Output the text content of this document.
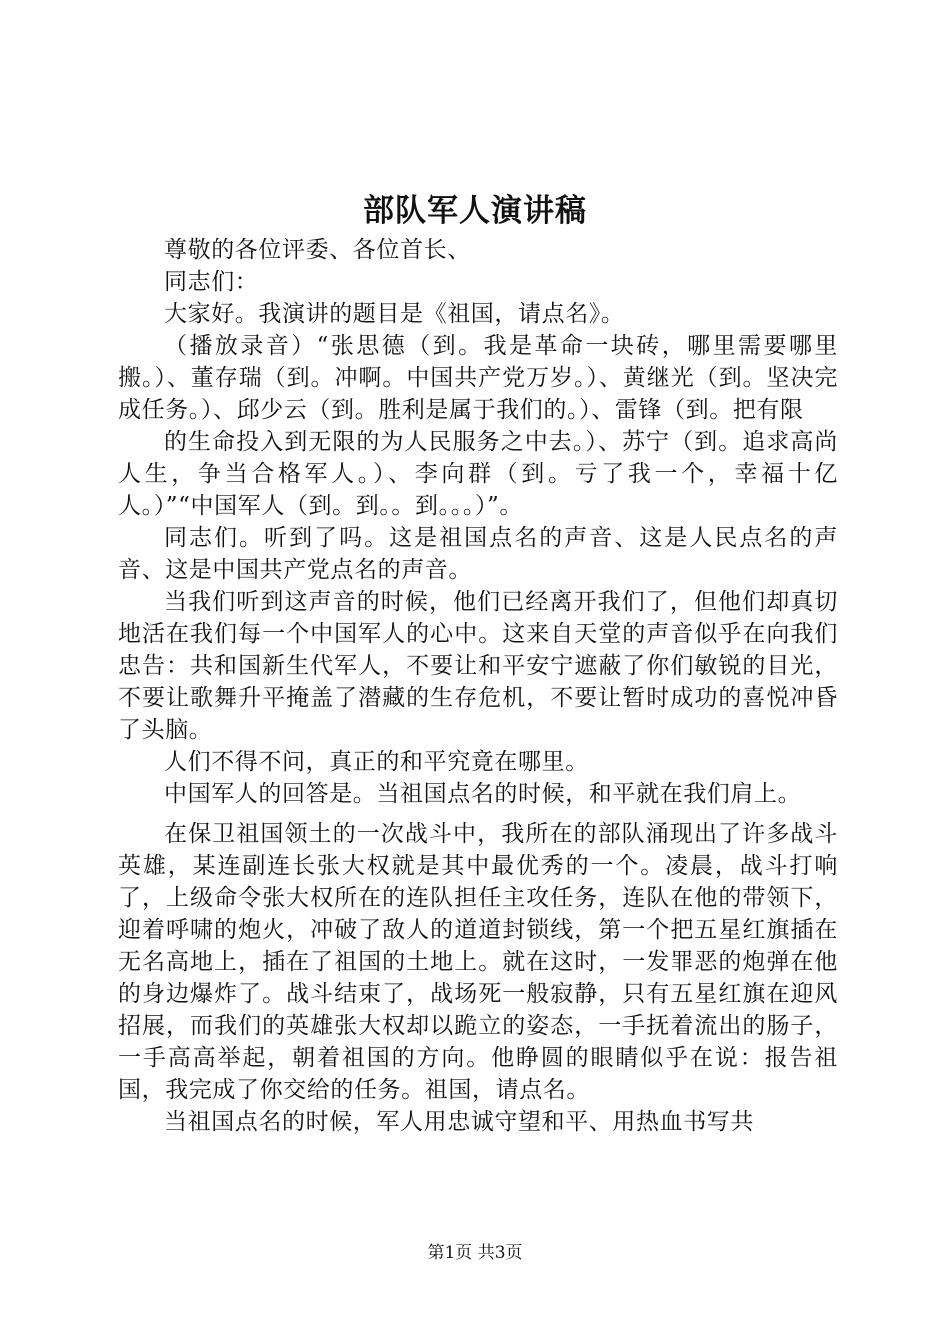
部队军人演讲稿

尊敬的各位评委、各位首长、

同志们：

大家好。我演讲的题目是《祖国，请点名》。

（播放录音）“张思德（到。我是革命一块砖，哪里需要哪里搬。）、董存瑞（到。冲啊。中国共产党万岁。）、黄继光（到。坚决完成任务。）、邱少云（到。胜利是属于我们的。）、雷锋（到。把有限

的生命投入到无限的为人民服务之中去。）、苏宁（到。追求高尚人生，争当合格军人。）、李向群（到。亏了我一个，幸福十亿人。）”“中国军人（到。到。。到。。。）”。

同志们。听到了吗。这是祖国点名的声音、这是人民点名的声音、这是中国共产党点名的声音。

当我们听到这声音的时候，他们已经离开我们了，但他们却真切地活在我们每一个中国军人的心中。这来自天堂的声音似乎在向我们忠告：共和国新生代军人，不要让和平安宁遮蔽了你们敏锐的目光，不要让歌舞升平掩盖了潜藏的生存危机，不要让暂时成功的喜悦冲昏了头脑。

人们不得不问，真正的和平究竟在哪里。

中国军人的回答是。当祖国点名的时候，和平就在我们肩上。

在保卫祖国领土的一次战斗中，我所在的部队涌现出了许多战斗英雄，某连副连长张大权就是其中最优秀的一个。凌晨，战斗打响了，上级命令张大权所在的连队担任主攻任务，连队在他的带领下，迎着呼啸的炮火，冲破了敌人的道道封锁线，第一个把五星红旗插在无名高地上，插在了祖国的土地上。就在这时，一发罪恶的炮弹在他的身边爆炸了。战斗结束了，战场死一般寂静，只有五星红旗在迎风招展，而我们的英雄张大权却以跪立的姿态，一手抚着流出的肠子，一手高高举起，朝着祖国的方向。他睁圆的眼睛似乎在说：报告祖国，我完成了你交给的任务。祖国，请点名。

当祖国点名的时候，军人用忠诚守望和平、用热血书写共

第1页 共3页
